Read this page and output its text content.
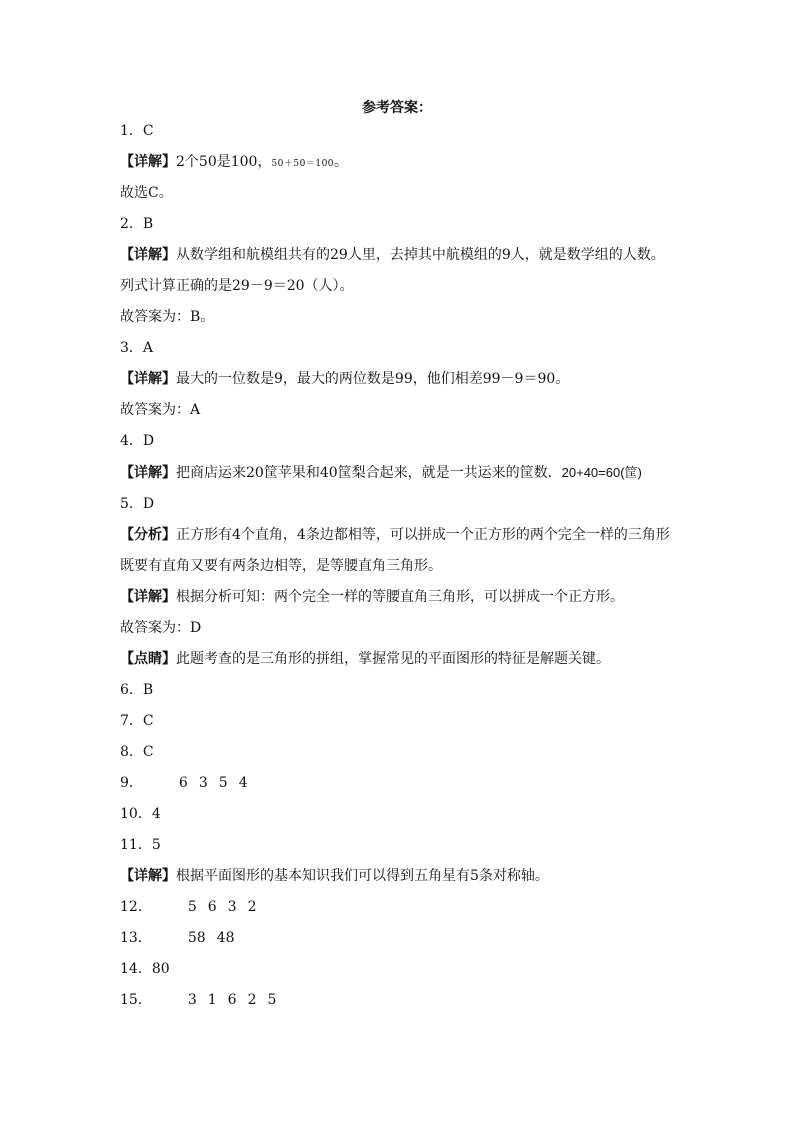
参考答案：
1．C
【详解】2个50是100，50＋50＝100。
故选C。
2．B
【详解】从数学组和航模组共有的29人里，去掉其中航模组的9人，就是数学组的人数。
列式计算正确的是29－9＝20（人）。
故答案为：B。
3．A
【详解】最大的一位数是9，最大的两位数是99，他们相差99－9＝90。
故答案为：A
4．D
【详解】把商店运来20筐苹果和40筐梨合起来，就是一共运来的筐数．20+40=60(筐)
5．D
【分析】正方形有4个直角，4条边都相等，可以拼成一个正方形的两个完全一样的三角形
既要有直角又要有两条边相等，是等腰直角三角形。
【详解】根据分析可知：两个完全一样的等腰直角三角形，可以拼成一个正方形。
故答案为：D
【点睛】此题考查的是三角形的拼组，掌握常见的平面图形的特征是解题关键。
6．B
7．C
8．C
9．	6 3 5 4
10．4
11．5
【详解】根据平面图形的基本知识我们可以得到五角星有5条对称轴。
12．	5 6 3 2
13．	58 48
14．80
15．	3 1 6 2 5
